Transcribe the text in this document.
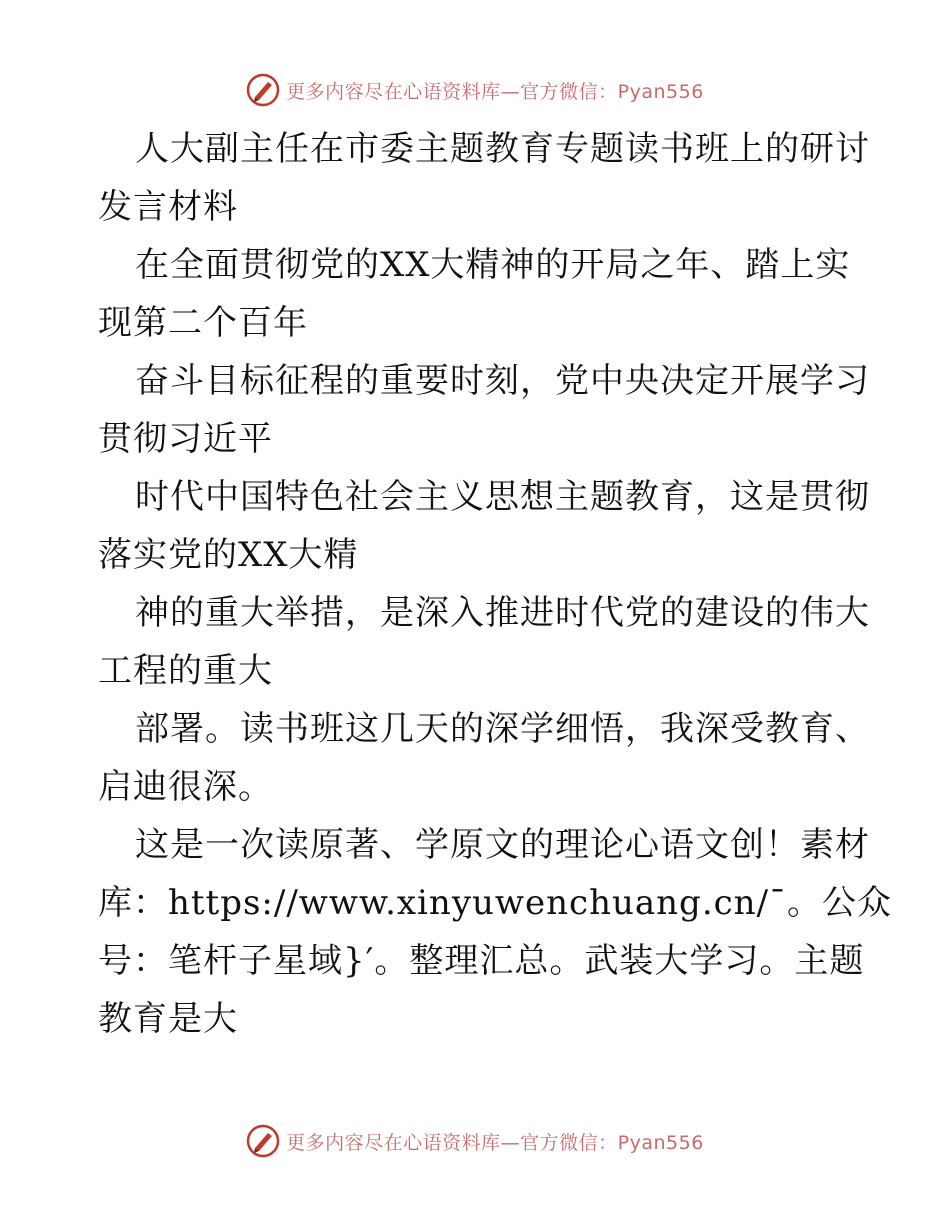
更多内容尽在心语资料库—官方微信：Pyan556
人大副主任在市委主题教育专题读书班上的研讨
发言材料
在全面贯彻党的XX大精神的开局之年、踏上实
现第二个百年
奋斗目标征程的重要时刻，党中央决定开展学习
贯彻习近平
时代中国特色社会主义思想主题教育，这是贯彻
落实党的XX大精
神的重大举措，是深入推进时代党的建设的伟大
工程的重大
部署。读书班这几天的深学细悟，我深受教育、
启迪很深。
这是一次读原著、学原文的理论心语文创！素材
库：https://www.xinyuwenchuang.cn/¯。公众
号：笔杆子星域}′。整理汇总。武装大学习。主题
教育是大
更多内容尽在心语资料库—官方微信：Pyan556
